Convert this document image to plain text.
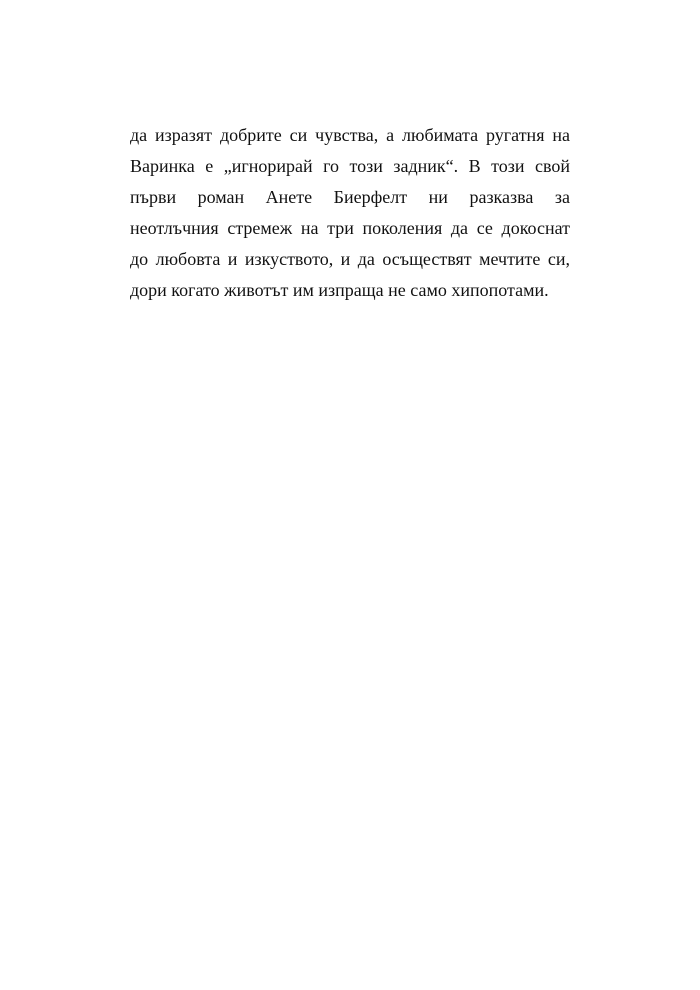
да изразят добрите си чувства, а любимата ругатня на
Варинка е „игнорирай го този задник“. В този свой
първи роман Анете Биерфелт ни разказва за
неотлъчния стремеж на три поколения да се докоснат
до любовта и изкуството, и да осъществят мечтите си,
дори когато животът им изпраща не само хипопотами.
